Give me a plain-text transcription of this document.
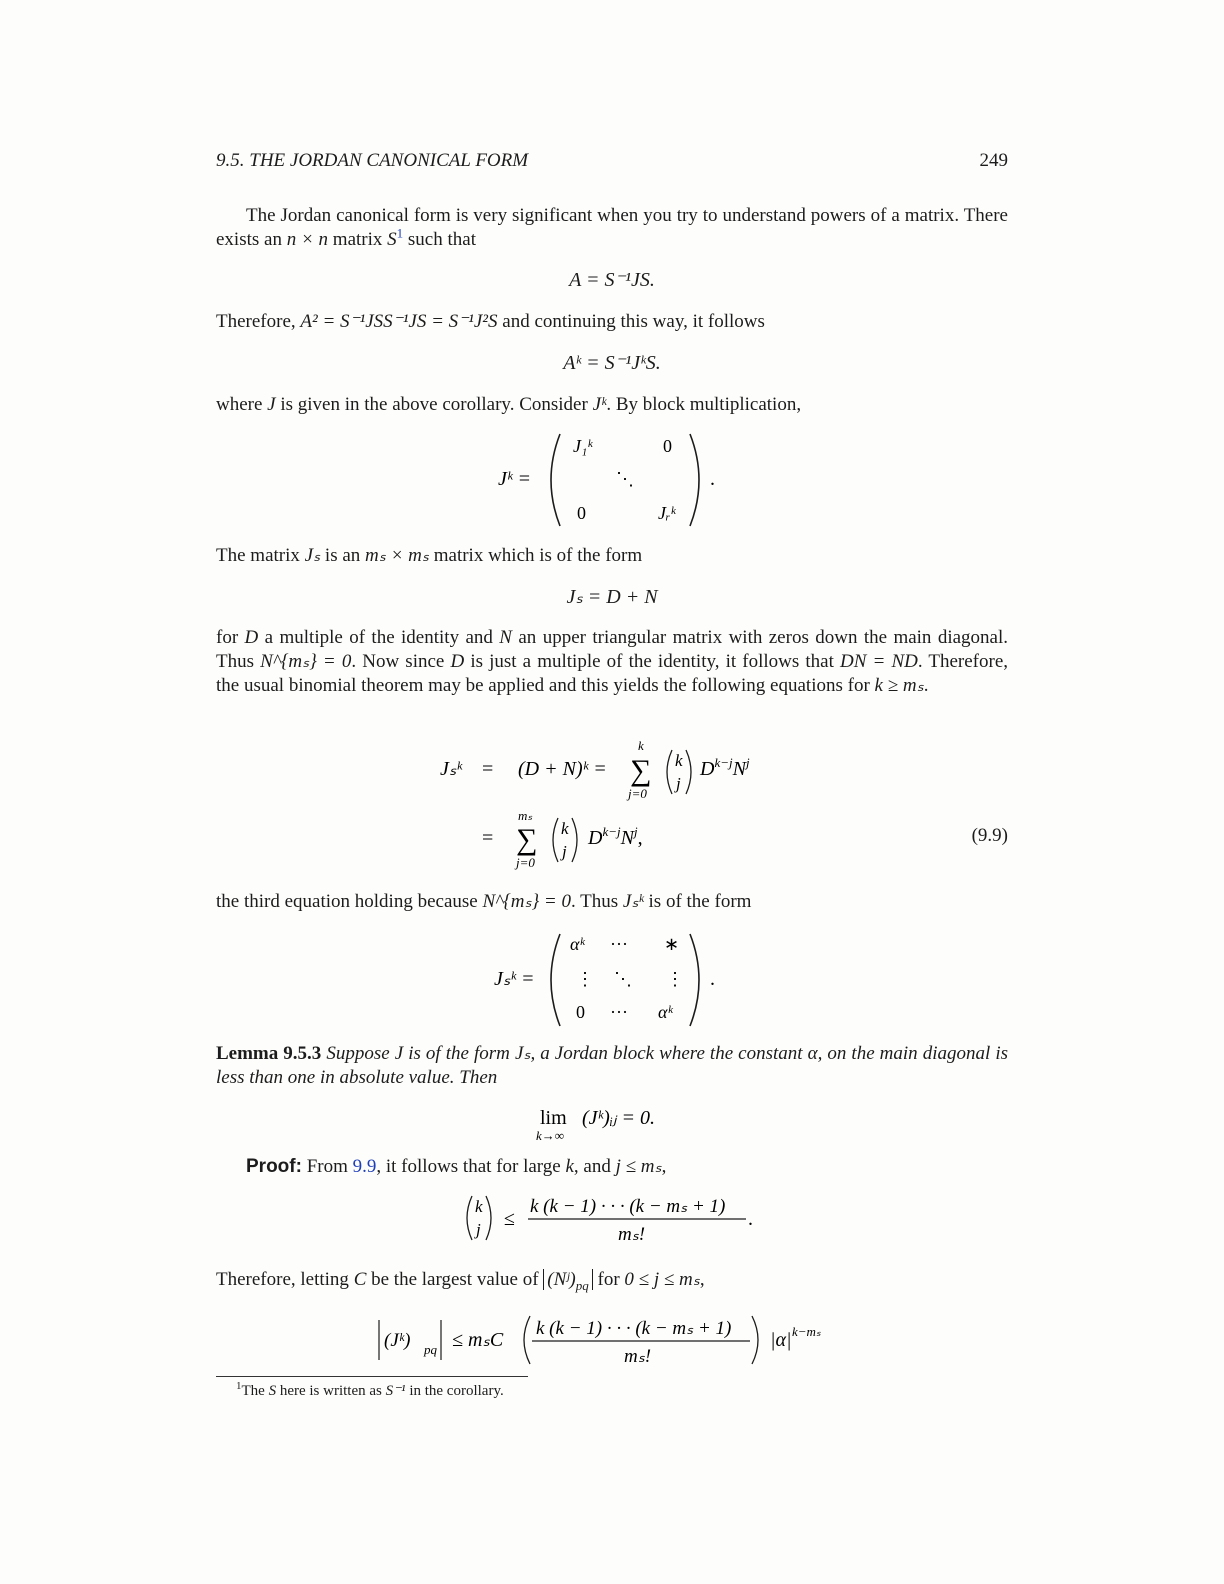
9.5. THE JORDAN CANONICAL FORM	249
The Jordan canonical form is very significant when you try to understand powers of a matrix. There exists an n × n matrix $S^1$ such that
A = S⁻¹JS.
Therefore, A² = S⁻¹JSS⁻¹JS = S⁻¹J²S and continuing this way, it follows
Aᵏ = S⁻¹JᵏS.
where J is given in the above corollary. Consider Jᵏ. By block multiplication,
Jᵏ =
J₁ᵏ	0
⋱
0	Jᵣᵏ
.
The matrix Jₛ is an mₛ × mₛ matrix which is of the form
Jₛ = D + N
for D a multiple of the identity and N an upper triangular matrix with zeros down the main diagonal. Thus N^{mₛ} = 0. Now since D is just a multiple of the identity, it follows that DN = ND. Therefore, the usual binomial theorem may be applied and this yields the following equations for k ≥ mₛ.
Jₛᵏ = (D + N)ᵏ =
k
∑
j=0
k
j
$D^{k-j}N^j$
=
mₛ
∑
j=0
k
j
$D^{k-j}N^j$,	(9.9)
the third equation holding because N^{mₛ} = 0. Thus Jₛᵏ is of the form
Jₛᵏ =
αᵏ ··· ∗
⋮ ⋱ ⋮
0 ··· αᵏ
.
Lemma 9.5.3 Suppose J is of the form Jₛ, a Jordan block where the constant α, on the main diagonal is less than one in absolute value. Then
lim
k→∞
(Jᵏ)ᵢⱼ = 0.
Proof: From 9.9, it follows that for large k, and j ≤ mₛ,
k
j ≤
k (k − 1) · · · (k − mₛ + 1)
mₛ!
.
Therefore, letting C be the largest value of $(Nʲ)_{pq}$ for 0 ≤ j ≤ mₛ,
(Jᵏ) pq ≤ mₛC
k (k − 1) · · · (k − mₛ + 1)
mₛ!
|α| k−mₛ
$^1$The S here is written as S⁻¹ in the corollary.
